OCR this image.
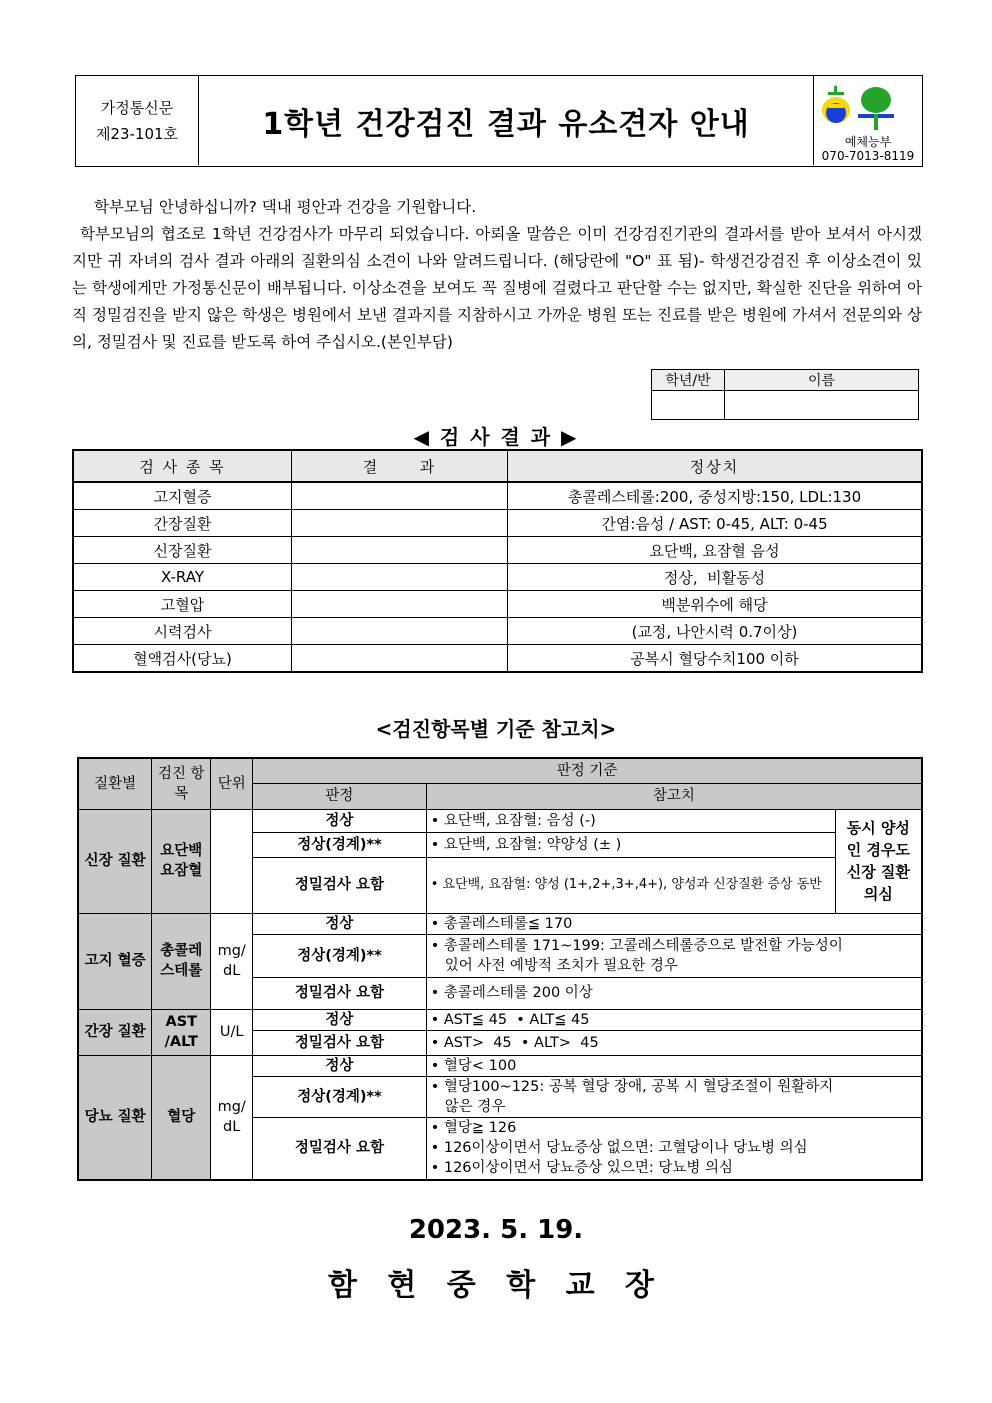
가정통신문
제23-101호	1학년 건강검진 결과 유소견자 안내
예체능부
070-7013-8119

학부모님 안녕하십니까? 댁내 평안과 건강을 기원합니다.

학부모님의 협조로 1학년 건강검사가 마무리 되었습니다. 아뢰올 말씀은 이미 건강검진기관의 결과서를 받아 보셔서 아시겠지만 귀 자녀의 검사 결과 아래의 질환의심 소견이 나와 알려드립니다. (해당란에 "O" 표 됨)- 학생건강검진 후 이상소견이 있는 학생에게만 가정통신문이 배부됩니다. 이상소견을 보여도 꼭 질병에 걸렸다고 판단할 수는 없지만, 확실한 진단을 위하여 아직 정밀검진을 받지 않은 학생은 병원에서 보낸 결과지를 지참하시고 가까운 병원 또는 진료를 받은 병원에 가셔서 전문의와 상의, 정밀검사 및 진료를 받도록 하여 주십시오.(본인부담)

학년/반	이름

◀ 검 사 결 과 ▶
검 사 종 목	결      과	정상치
고지혈증		총콜레스테롤:200, 중성지방:150, LDL:130
간장질환		간염:음성 / AST: 0-45, ALT: 0-45
신장질환		요단백, 요잠혈 음성
X-RAY		정상,  비활동성
고혈압		백분위수에 해당
시력검사		(교정, 나안시력 0.7이상)
혈액검사(당뇨)		공복시 혈당수치100 이하
<검진항목별 기준 참고치>
질환별	검진 항목	단위	판정 기준		
			판정	참고치	
신장 질환	요단백 요잠혈		정상	• 요단백, 요잠혈: 음성 (-)	동시 양성인 경우도 신장 질환 의심
			정상(경계)**	• 요단백, 요잠혈: 약양성 (± )	
			정밀검사 요함	• 요단백, 요잠혈: 양성 (1+,2+,3+,4+), 양성과 신장질환 증상 동반	
고지 혈증	총콜레 스테롤	mg/ dL	정상	• 총콜레스테롤≦ 170	
			정상(경계)**	• 총콜레스테롤 171~199: 고콜레스테롤증으로 발전할 가능성이
있어 사전 예방적 조치가 필요한 경우	

			정밀검사 요함	• 총콜레스테롤 200 이상	
간장 질환	AST /ALT	U/L	정상	• AST≦ 45  • ALT≦ 45	
			정밀검사 요함	• AST>  45  • ALT>  45	
당뇨 질환	혈당	mg/ dL	정상	• 혈당< 100	
			정상(경계)**	• 혈당100~125: 공복 혈당 장애, 공복 시 혈당조절이 원활하지
않은 경우	

			정밀검사 요함	• 혈당≧ 126
• 126이상이면서 당뇨증상 없으면: 고혈당이나 당뇨병 의심
• 126이상이면서 당뇨증상 있으면: 당뇨병 의심	
2023. 5. 19.
함 현 중 학 교 장
